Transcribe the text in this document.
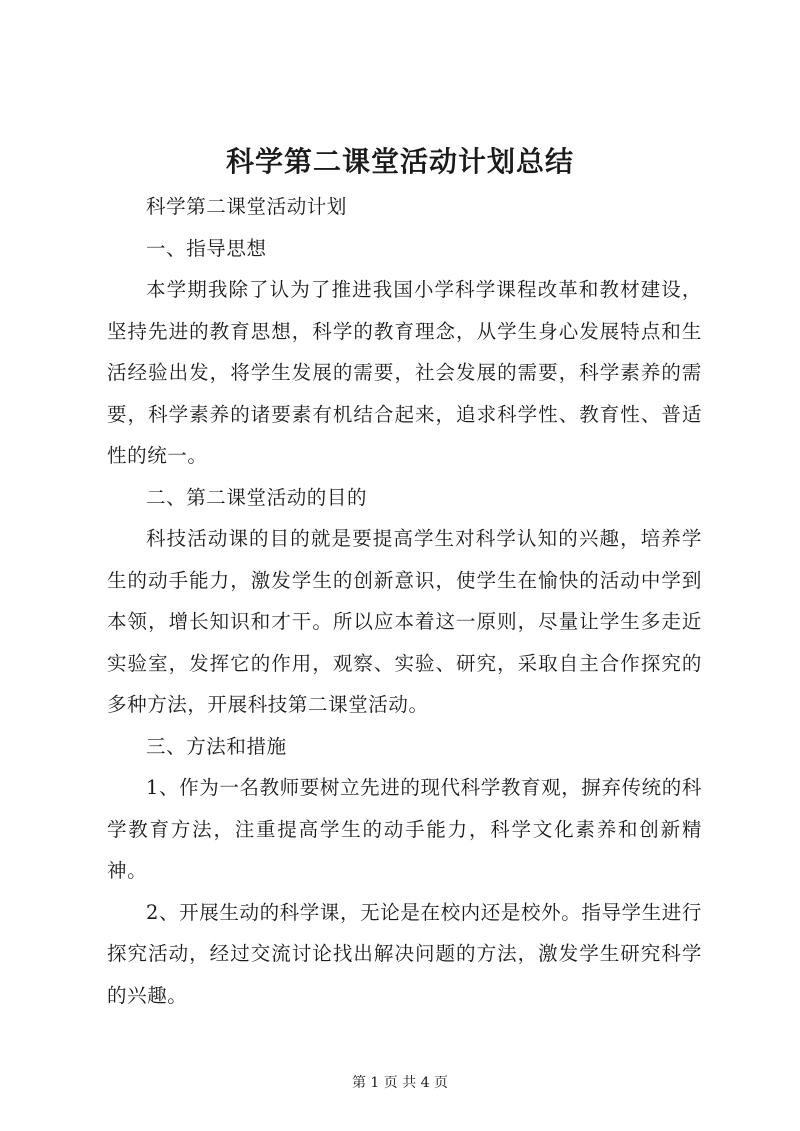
科学第二课堂活动计划总结

科学第二课堂活动计划

一、指导思想

本学期我除了认为了推进我国小学科学课程改革和教材建设，坚持先进的教育思想，科学的教育理念，从学生身心发展特点和生活经验出发，将学生发展的需要，社会发展的需要，科学素养的需要，科学素养的诸要素有机结合起来，追求科学性、教育性、普适性的统一。

二、第二课堂活动的目的

科技活动课的目的就是要提高学生对科学认知的兴趣，培养学生的动手能力，激发学生的创新意识，使学生在愉快的活动中学到本领，增长知识和才干。所以应本着这一原则，尽量让学生多走近实验室，发挥它的作用，观察、实验、研究，采取自主合作探究的多种方法，开展科技第二课堂活动。

三、方法和措施

1、作为一名教师要树立先进的现代科学教育观，摒弃传统的科学教育方法，注重提高学生的动手能力，科学文化素养和创新精神。

2、开展生动的科学课，无论是在校内还是校外。指导学生进行探究活动，经过交流讨论找出解决问题的方法，激发学生研究科学的兴趣。

第 1 页 共 4 页
